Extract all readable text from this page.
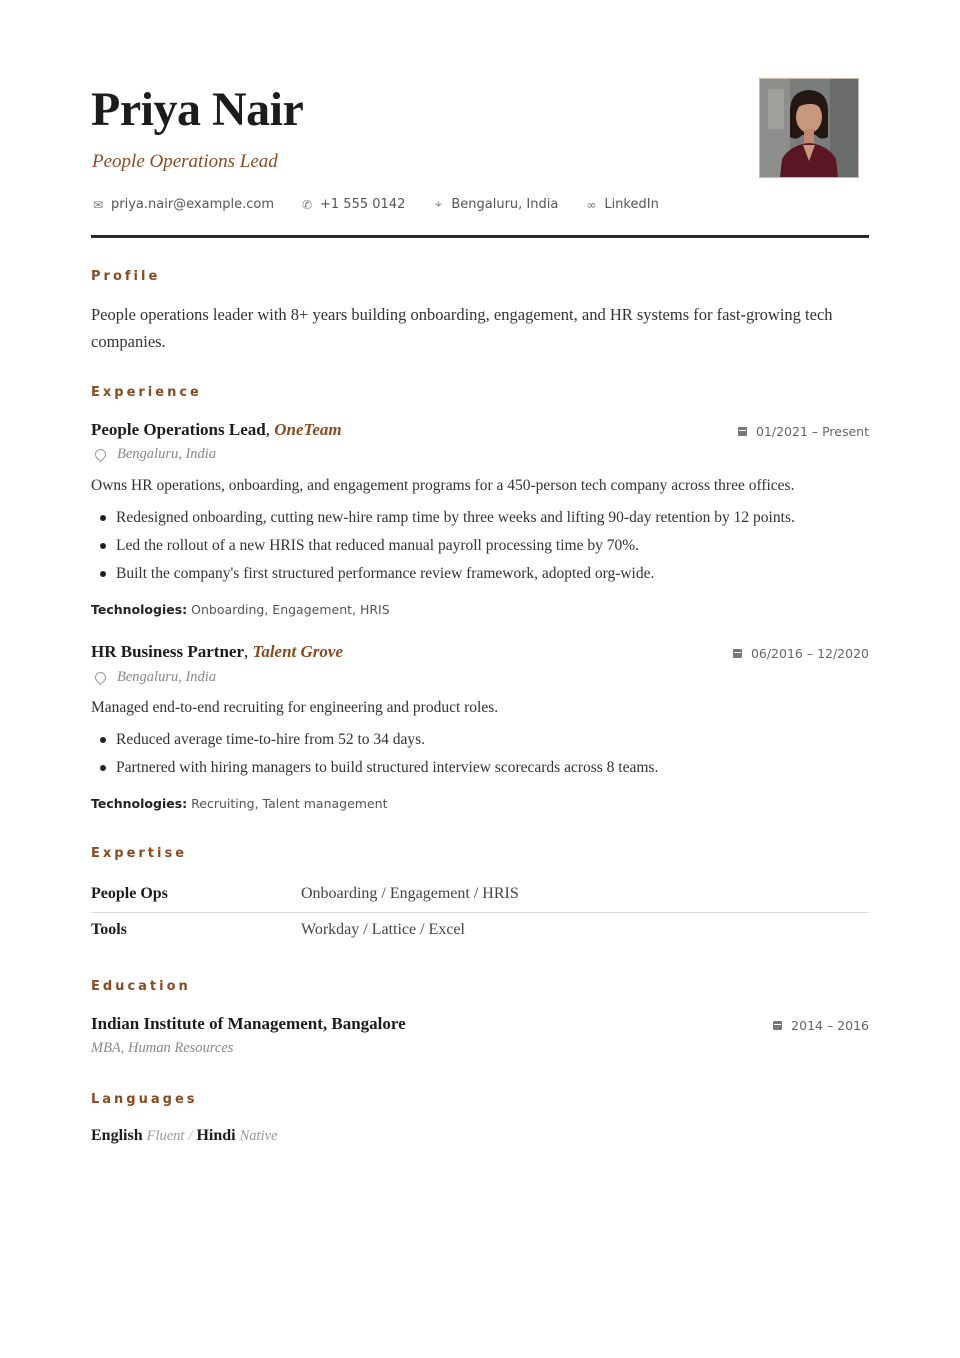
Priya Nair
People Operations Lead
✉ priya.nair@example.com ✆ +1 555 0142	⌖ Bengaluru, India ∞ LinkedIn
Profile
People operations leader with 8+ years building onboarding, engagement, and HR systems for fast-growing tech companies.
Experience
People Operations Lead, OneTeam	01/2021 – Present
Bengaluru, India
Owns HR operations, onboarding, and engagement programs for a 450-person tech company across three offices.
Redesigned onboarding, cutting new-hire ramp time by three weeks and lifting 90-day retention by 12 points.
Led the rollout of a new HRIS that reduced manual payroll processing time by 70%.
Built the company's first structured performance review framework, adopted org-wide.
Technologies: Onboarding, Engagement, HRIS
HR Business Partner, Talent Grove	06/2016 – 12/2020
Bengaluru, India
Managed end-to-end recruiting for engineering and product roles.
Reduced average time-to-hire from 52 to 34 days.
Partnered with hiring managers to build structured interview scorecards across 8 teams.
Technologies: Recruiting, Talent management
Expertise
People Ops	Onboarding / Engagement / HRIS
Tools	Workday / Lattice / Excel
Education
Indian Institute of Management, Bangalore	2014 – 2016
MBA, Human Resources
Languages
English Fluent / Hindi Native
